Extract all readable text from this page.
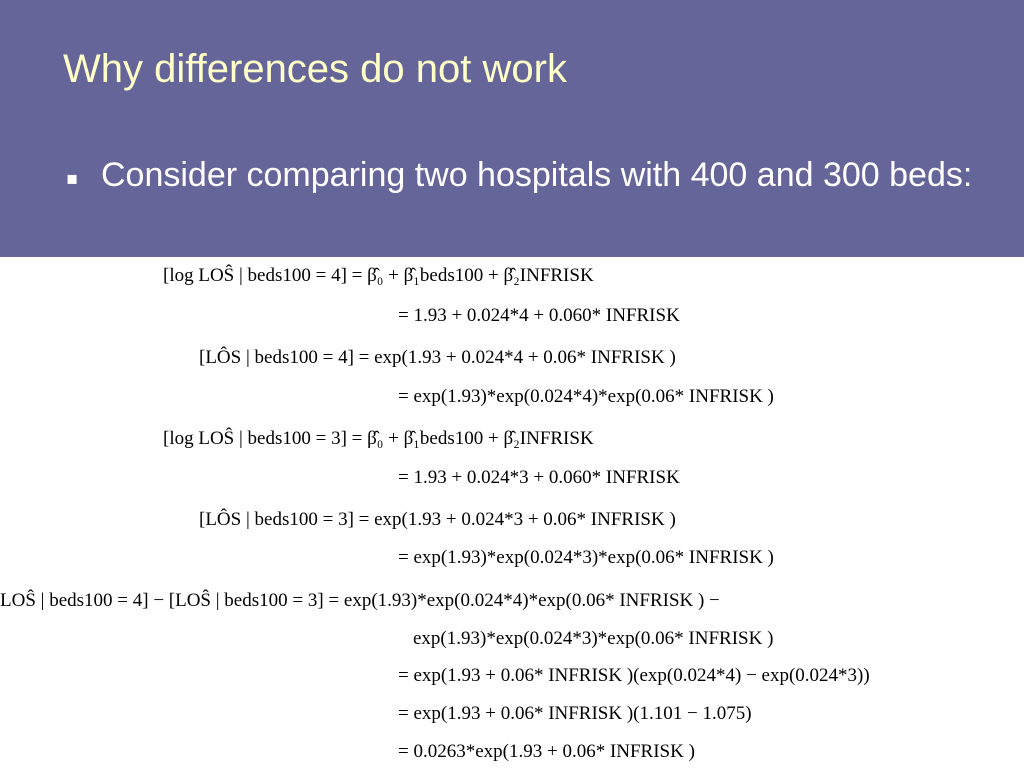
Why differences do not work
▪ Consider comparing two hospitals with 400 and 300 beds:

[log LOŜ | beds100 = 4] = β̂₀ + β̂₁beds100 + β̂₂INFRISK
= 1.93 + 0.024*4 + 0.060* INFRISK
[LÔS | beds100 = 4] = exp(1.93 + 0.024*4 + 0.06* INFRISK )
= exp(1.93)*exp(0.024*4)*exp(0.06* INFRISK )
[log LOŜ | beds100 = 3] = β̂₀ + β̂₁beds100 + β̂₂INFRISK
= 1.93 + 0.024*3 + 0.060* INFRISK
[LÔS | beds100 = 3] = exp(1.93 + 0.024*3 + 0.06* INFRISK )
= exp(1.93)*exp(0.024*3)*exp(0.06* INFRISK )
LOŜ | beds100 = 4] − [LOŜ | beds100 = 3] = exp(1.93)*exp(0.024*4)*exp(0.06* INFRISK ) −
exp(1.93)*exp(0.024*3)*exp(0.06* INFRISK )
= exp(1.93 + 0.06* INFRISK )(exp(0.024*4) − exp(0.024*3))
= exp(1.93 + 0.06* INFRISK )(1.101 − 1.075)
= 0.0263*exp(1.93 + 0.06* INFRISK )
